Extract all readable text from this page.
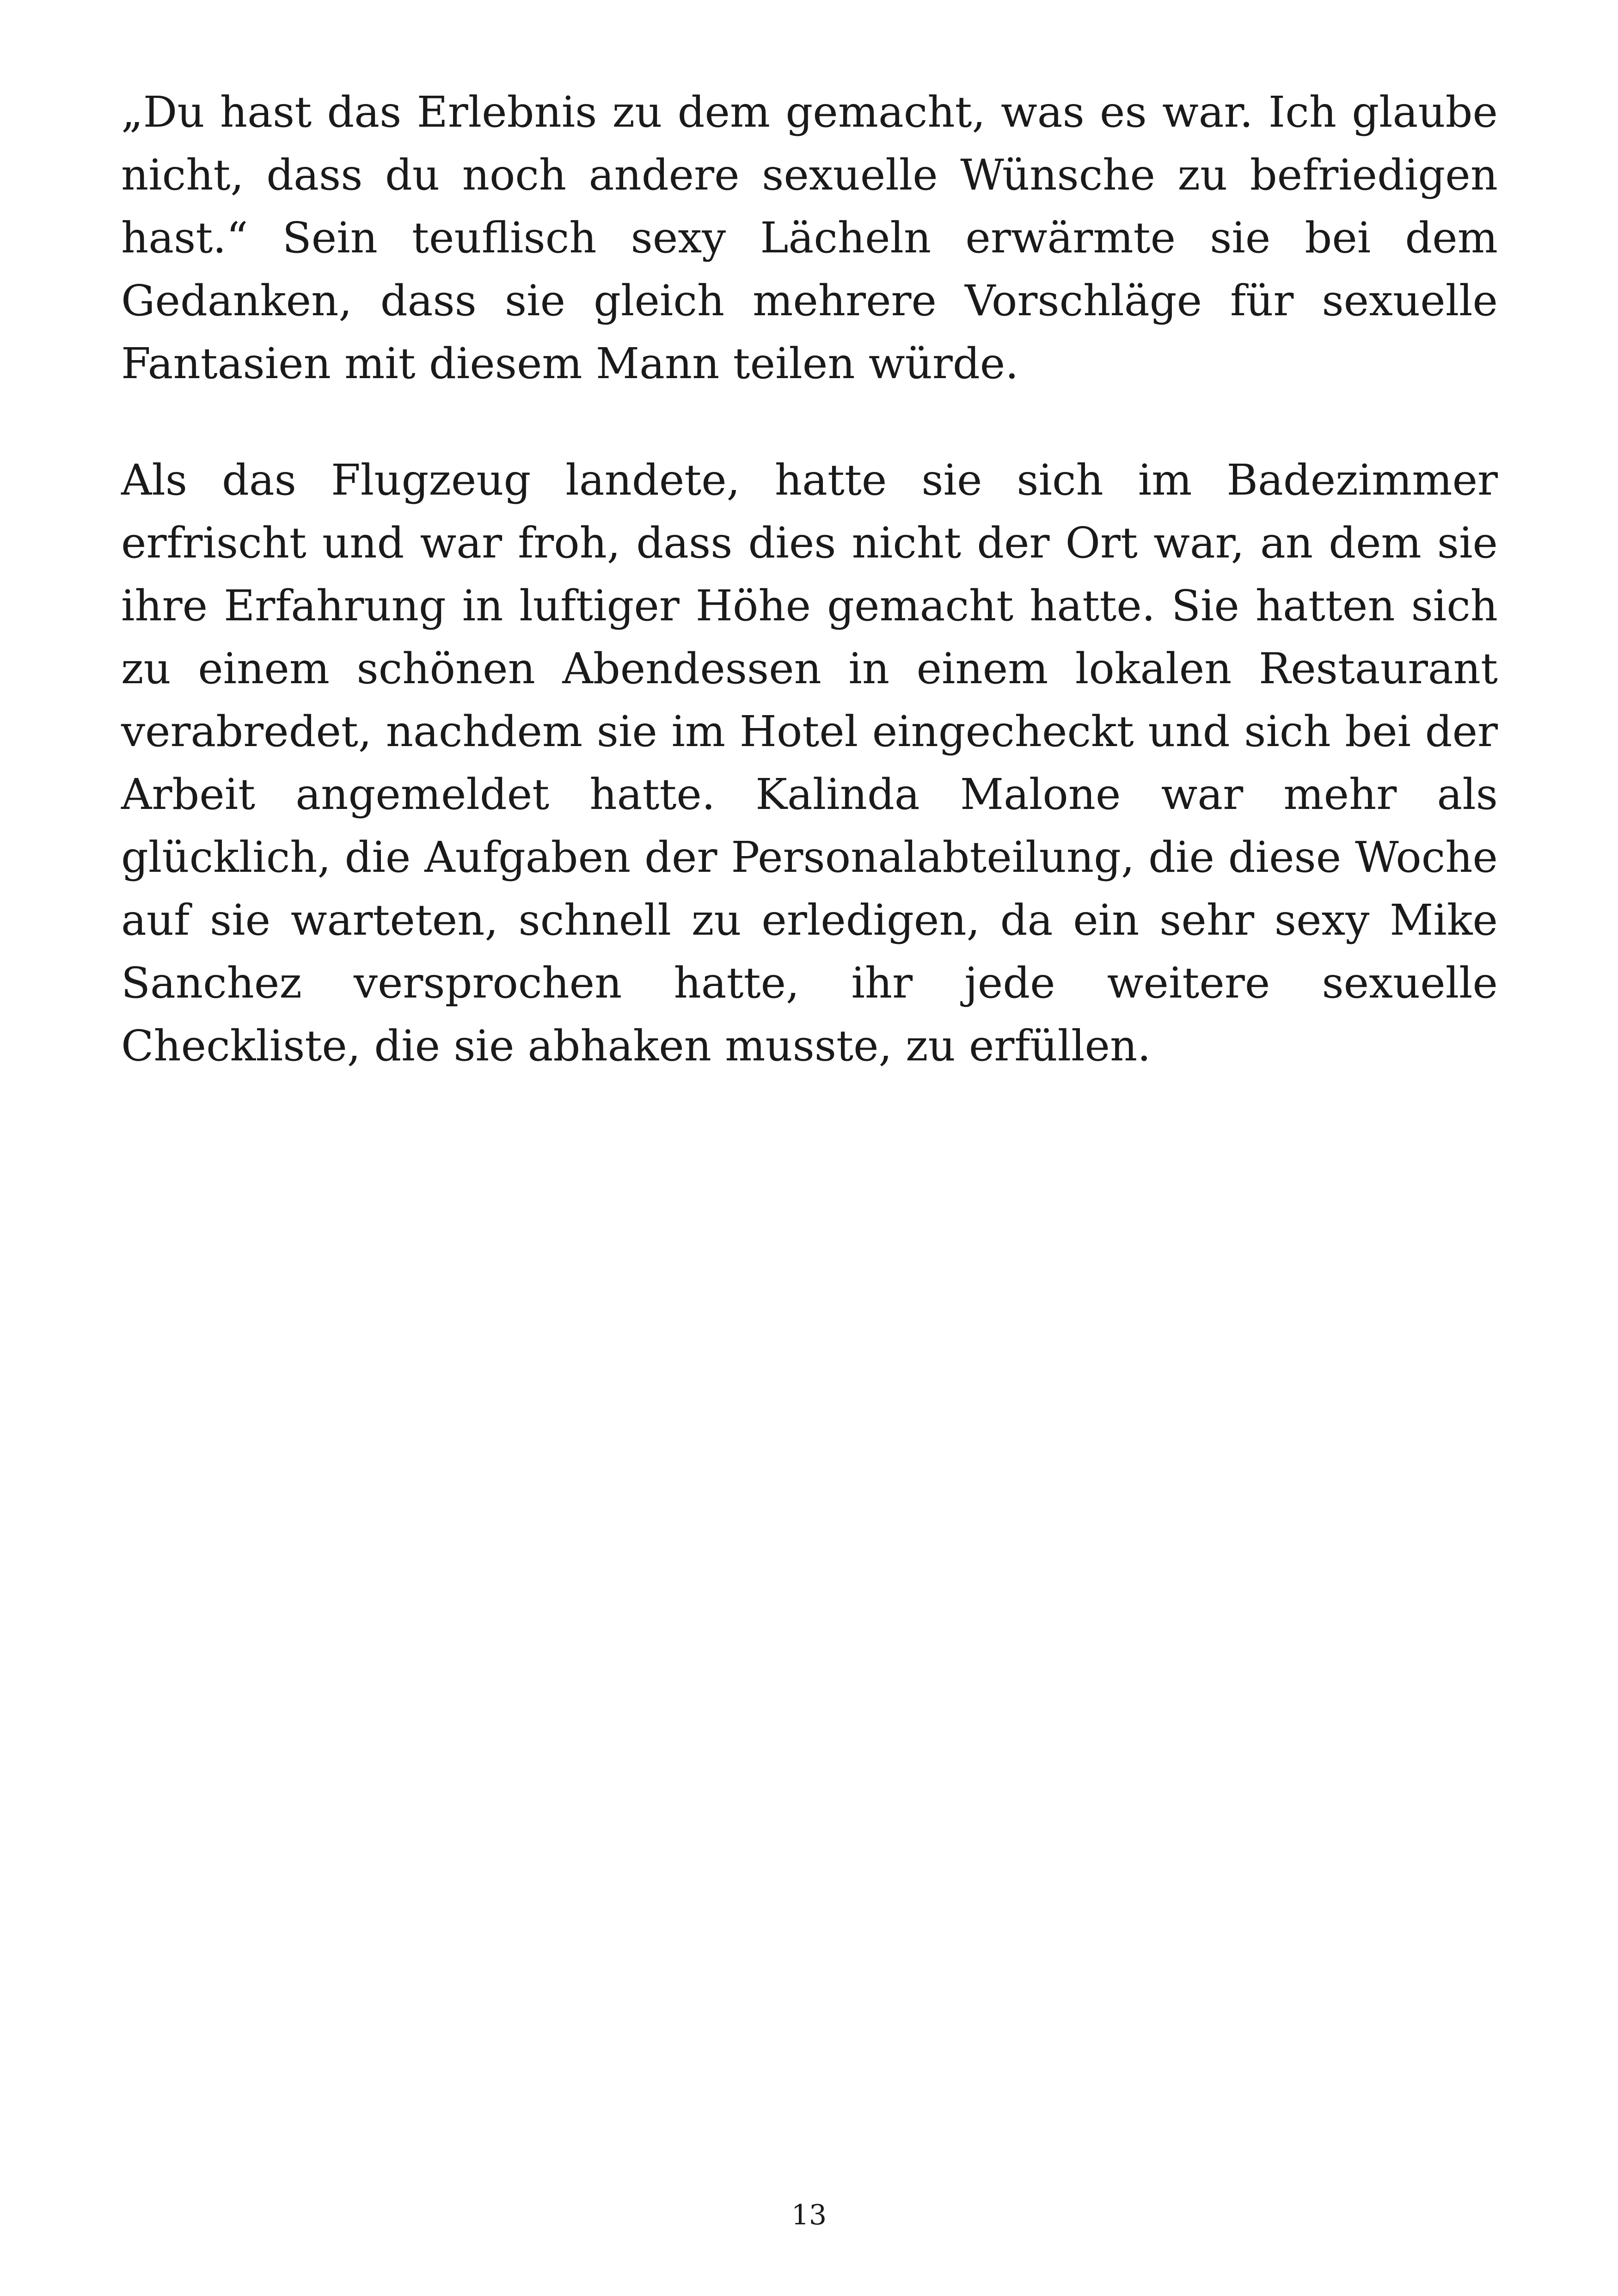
„Du hast das Erlebnis zu dem gemacht, was es war. Ich glaube nicht, dass du noch andere sexuelle Wünsche zu befriedigen hast.“ Sein teuflisch sexy Lächeln erwärmte sie bei dem Gedanken, dass sie gleich mehrere Vorschläge für sexuelle Fantasien mit diesem Mann teilen würde.

Als das Flugzeug landete, hatte sie sich im Badezimmer erfrischt und war froh, dass dies nicht der Ort war, an dem sie ihre Erfahrung in luftiger Höhe gemacht hatte. Sie hatten sich zu einem schönen Abendessen in einem lokalen Restaurant verabredet, nachdem sie im Hotel eingecheckt und sich bei der Arbeit angemeldet hatte. Kalinda Malone war mehr als glücklich, die Aufgaben der Personalabteilung, die diese Woche auf sie warteten, schnell zu erledigen, da ein sehr sexy Mike Sanchez versprochen hatte, ihr jede weitere sexuelle Checkliste, die sie abhaken musste, zu erfüllen.

13
